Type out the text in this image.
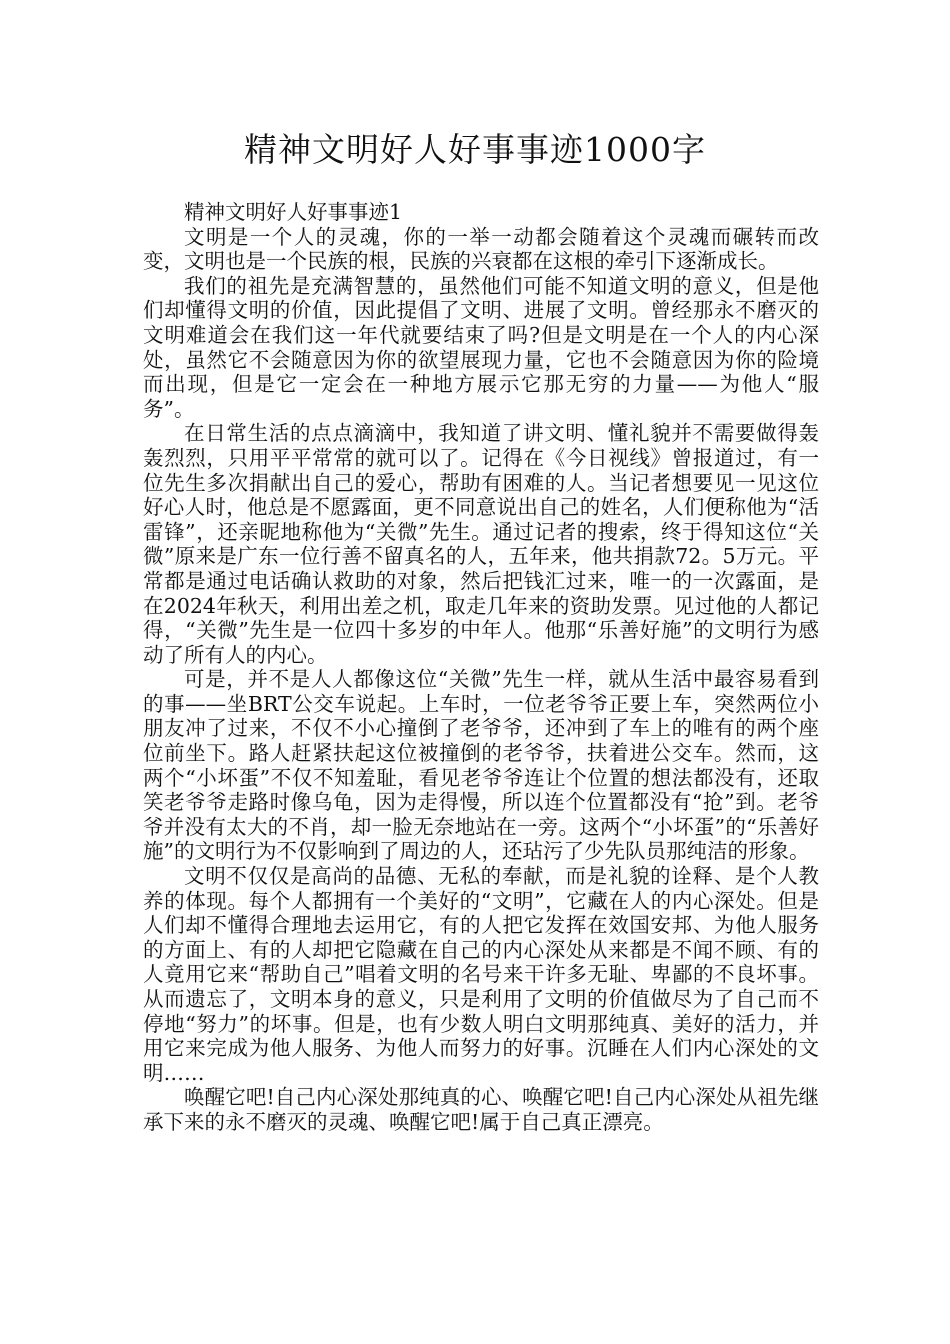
精神文明好人好事事迹1000字
精神文明好人好事事迹1

文明是一个人的灵魂，你的一举一动都会随着这个灵魂而碾转而改变，文明也是一个民族的根，民族的兴衰都在这根的牵引下逐渐成长。

我们的祖先是充满智慧的，虽然他们可能不知道文明的意义，但是他们却懂得文明的价值，因此提倡了文明、进展了文明。曾经那永不磨灭的文明难道会在我们这一年代就要结束了吗?但是文明是在一个人的内心深处，虽然它不会随意因为你的欲望展现力量，它也不会随意因为你的险境而出现，但是它一定会在一种地方展示它那无穷的力量——为他人“服务”。

在日常生活的点点滴滴中，我知道了讲文明、懂礼貌并不需要做得轰轰烈烈，只用平平常常的就可以了。记得在《今日视线》曾报道过，有一位先生多次捐献出自己的爱心，帮助有困难的人。当记者想要见一见这位好心人时，他总是不愿露面，更不同意说出自己的姓名，人们便称他为“活雷锋”，还亲昵地称他为“关微”先生。通过记者的搜索，终于得知这位“关微”原来是广东一位行善不留真名的人，五年来，他共捐款72。5万元。平常都是通过电话确认救助的对象，然后把钱汇过来，唯一的一次露面，是在2024年秋天，利用出差之机，取走几年来的资助发票。见过他的人都记得，“关微”先生是一位四十多岁的中年人。他那“乐善好施”的文明行为感动了所有人的内心。

可是，并不是人人都像这位“关微”先生一样，就从生活中最容易看到的事——坐BRT公交车说起。上车时，一位老爷爷正要上车，突然两位小朋友冲了过来，不仅不小心撞倒了老爷爷，还冲到了车上的唯有的两个座位前坐下。路人赶紧扶起这位被撞倒的老爷爷，扶着进公交车。然而，这两个“小坏蛋”不仅不知羞耻，看见老爷爷连让个位置的想法都没有，还取笑老爷爷走路时像乌龟，因为走得慢，所以连个位置都没有“抢”到。老爷爷并没有太大的不肖，却一脸无奈地站在一旁。这两个“小坏蛋”的“乐善好施”的文明行为不仅影响到了周边的人，还玷污了少先队员那纯洁的形象。

文明不仅仅是高尚的品德、无私的奉献，而是礼貌的诠释、是个人教养的体现。每个人都拥有一个美好的“文明”，它藏在人的内心深处。但是人们却不懂得合理地去运用它，有的人把它发挥在效国安邦、为他人服务的方面上、有的人却把它隐藏在自己的内心深处从来都是不闻不顾、有的人竟用它来“帮助自己”唱着文明的名号来干许多无耻、卑鄙的不良坏事。从而遗忘了，文明本身的意义，只是利用了文明的价值做尽为了自己而不停地“努力”的坏事。但是，也有少数人明白文明那纯真、美好的活力，并用它来完成为他人服务、为他人而努力的好事。沉睡在人们内心深处的文明……

唤醒它吧!自己内心深处那纯真的心、唤醒它吧!自己内心深处从祖先继承下来的永不磨灭的灵魂、唤醒它吧!属于自己真正漂亮。
